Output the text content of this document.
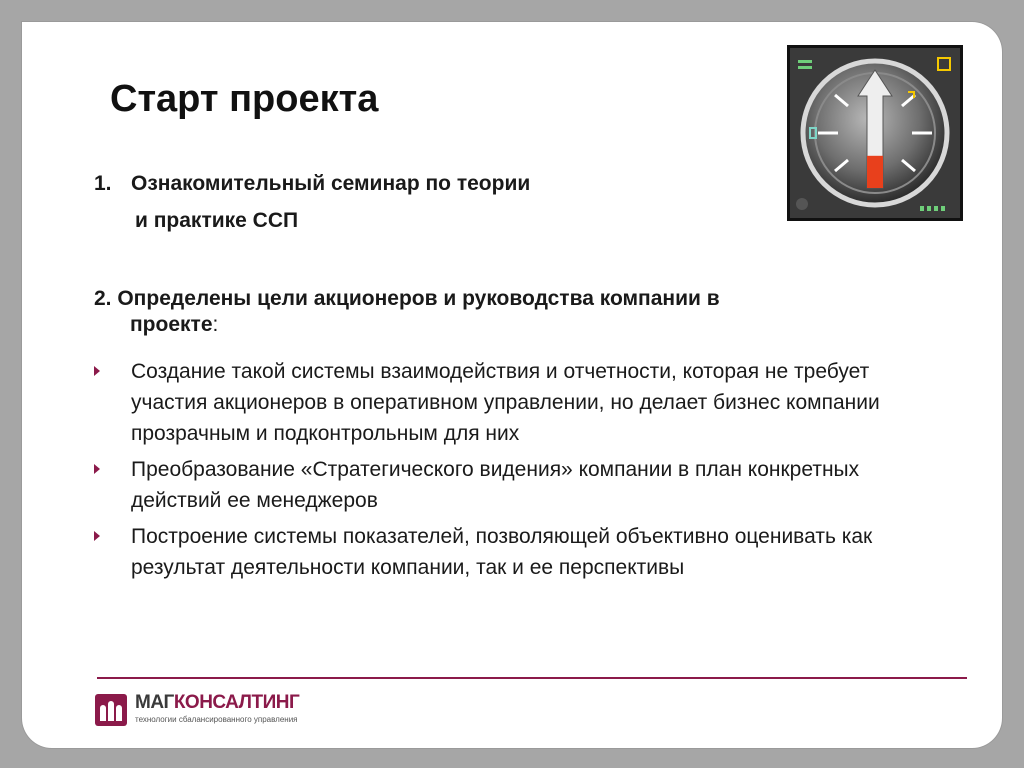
Старт проекта
1. Ознакомительный семинар по теории
и практике ССП
2. Определены цели акционеров и руководства компании в
проекте:
Создание такой системы взаимодействия и отчетности, которая не требует участия акционеров в оперативном управлении, но делает бизнес компании прозрачным и подконтрольным для них
Преобразование «Стратегического видения» компании в план конкретных действий ее менеджеров
Построение системы показателей, позволяющей объективно оценивать как результат деятельности компании, так и ее перспективы
МАГКОНСАЛТИНГ
технологии сбалансированного управления
